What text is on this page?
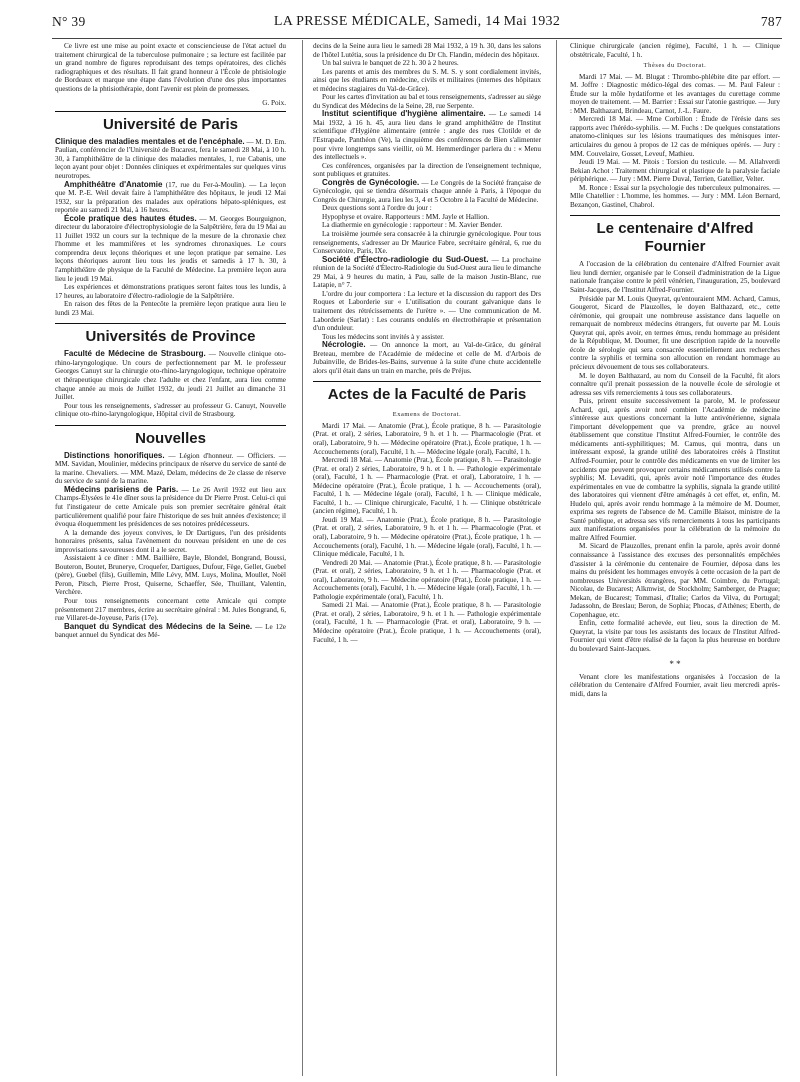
N° 39	LA PRESSE MÉDICALE, Samedi, 14 Mai 1932	787

Ce livre est une mise au point exacte et consciencieuse de l'état actuel du traitement chirurgical de la tuberculose pulmonaire ; sa lecture est facilitée par un grand nombre de figures reproduisant des temps opératoires, des clichés radiographiques et des résultats. Il fait grand honneur à l'École de phtisiologie de Bordeaux et marque une étape dans l'évolution d'une des plus importantes questions de la phtisiothérapie, dont l'avenir est plein de promesses.

G. Poix.

Université de Paris

Clinique des maladies mentales et de l'encéphale. — M. D. Em. Paulian, conférencier de l'Université de Bucarest, fera le samedi 28 Mai, à 10 h. 30, à l'amphithéâtre de la clinique des maladies mentales, 1, rue Cabanis, une leçon ayant pour objet : Données cliniques et expérimentales sur quelques virus neurotropes.

Amphithéâtre d'Anatomie (17, rue du Fer-à-Moulin). — La leçon que M. P.-E. Weil devait faire à l'amphithéâtre des hôpitaux, le jeudi 12 Mai 1932, sur la préparation des malades aux opérations hépato-spléniques, est reportée au samedi 21 Mai, à 16 heures.

École pratique des hautes études. — M. Georges Bourguignon, directeur du laboratoire d'électrophysiologie de la Salpêtrière, fera du 19 Mai au 11 Juillet 1932 un cours sur la technique de la mesure de la chronaxie chez l'homme et les mammifères et les syndromes chronaxiques. Le cours comprendra deux leçons théoriques et une leçon pratique par semaine. Les leçons théoriques auront lieu tous les jeudis et samedis à 17 h. 30, à l'amphithéâtre de physique de la Faculté de Médecine. La première leçon aura lieu le jeudi 19 Mai.

Les expériences et démonstrations pratiques seront faites tous les lundis, à 17 heures, au laboratoire d'électro-radiologie de la Salpêtrière.

En raison des fêtes de la Pentecôte la première leçon pratique aura lieu le lundi 23 Mai.

Universités de Province

Faculté de Médecine de Strasbourg. — Nouvelle clinique oto-rhino-laryngologique. Un cours de perfectionnement par M. le professeur Georges Canuyt sur la chirurgie oto-rhino-laryngologique, technique opératoire et thérapeutique chirurgicale chez l'adulte et chez l'enfant, aura lieu comme chaque année au mois de Juillet 1932, du jeudi 21 Juillet au dimanche 31 Juillet.

Pour tous les renseignements, s'adresser au professeur G. Canuyt, Nouvelle clinique oto-rhino-laryngologique, Hôpital civil de Strasbourg.

Nouvelles

Distinctions honorifiques. — Légion d'honneur. — Officiers. — MM. Savidan, Moulinier, médecins principaux de réserve du service de santé de la marine. Chevaliers. — MM. Mazé, Delam, médecins de 2e classe de réserve du service de santé de la marine.

Médecins parisiens de Paris. — Le 26 Avril 1932 eut lieu aux Champs-Élysées le 41e dîner sous la présidence du Dr Pierre Prost. Celui-ci qui fut l'instigateur de cette Amicale puis son premier secrétaire général était particulièrement qualifié pour faire l'historique de ses huit années d'existence; il évoqua éloquemment les présidences de ses notoires prédécesseurs.

A la demande des joyeux convives, le Dr Dartigues, l'un des présidents honoraires présents, salua l'avènement du nouveau président en une de ces improvisations savoureuses dont il a le secret.

Assistaient à ce dîner : MM. Baillière, Bayle, Blondel, Bongrand, Boussi, Bouteron, Boutet, Brunerye, Croquefer, Dartigues, Dufour, Fège, Gellet, Guebel (père), Guebel (fils), Guillemin, Mlle Lévy, MM. Luys, Molina, Moullet, Noël Peron, Pitsch, Pierre Prost, Quiserne, Schaeffer, Sée, Thuillant, Valentin, Verchère.

Pour tous renseignements concernant cette Amicale qui compte présentement 217 membres, écrire au secrétaire général : M. Jules Bongrand, 6, rue Villaret-de-Joyeuse, Paris (17e).

Banquet du Syndicat des Médecins de la Seine. — Le 12e banquet annuel du Syndicat des Mé-

decins de la Seine aura lieu le samedi 28 Mai 1932, à 19 h. 30, dans les salons de l'hôtel Lutétia, sous la présidence du Dr Ch. Flandin, médecin des hôpitaux.

Un bal suivra le banquet de 22 h. 30 à 2 heures.

Les parents et amis des membres du S. M. S. y sont cordialement invités, ainsi que les étudiants en médecine, civils et militaires (internes des hôpitaux et médecins stagiaires du Val-de-Grâce).

Pour les cartes d'invitation au bal et tous renseignements, s'adresser au siège du Syndicat des Médecins de la Seine, 28, rue Serpente.

Institut scientifique d'hygiène alimentaire. — Le samedi 14 Mai 1932, à 16 h. 45, aura lieu dans le grand amphithéâtre de l'Institut scientifique d'Hygiène alimentaire (entrée : angle des rues Clotilde et de l'Estrapade, Panthéon (Ve), la cinquième des conférences de Bien s'alimenter pour vivre longtemps sans vieillir, où M. Hemmerdinger parlera du : « Menu des intellectuels ».

Ces conférences, organisées par la direction de l'enseignement technique, sont publiques et gratuites.

Congrès de Gynécologie. — Le Congrès de la Société française de Gynécologie, qui se tiendra désormais chaque année à Paris, à l'époque du Congrès de Chirurgie, aura lieu les 3, 4 et 5 Octobre à la Faculté de Médecine.

Deux questions sont à l'ordre du jour :

Hypophyse et ovaire. Rapporteurs : MM. Jayle et Hallion.

La diathermie en gynécologie : rapporteur : M. Xavier Bender.

La troisième journée sera consacrée à la chirurgie gynécologique. Pour tous renseignements, s'adresser au Dr Maurice Fabre, secrétaire général, 6, rue du Conservatoire, Paris, IXe.

Société d'Électro-radiologie du Sud-Ouest. — La prochaine réunion de la Société d'Électro-Radiologie du Sud-Ouest aura lieu le dimanche 29 Mai, à 9 heures du matin, à Pau, salle de la maison Justin-Blanc, rue Latapie, n° 7.

L'ordre du jour comportera : La lecture et la discussion du rapport des Drs Roques et Laborderie sur « L'utilisation du courant galvanique dans le traitement des rétrécissements de l'urètre ». — Une communication de M. Laborderie (Sarlat) : Les courants ondulés en électrothérapie et présentation d'un onduleur.

Tous les médecins sont invités à y assister.

Nécrologie. — On annonce la mort, au Val-de-Grâce, du général Breteau, membre de l'Académie de médecine et celle de M. d'Arbois de Jubainville, de Brides-les-Bains, survenue à la suite d'une chute accidentelle alors qu'il était dans un train en marche, près de Préjus.

Actes de la Faculté de Paris

Examens de Doctorat.

Mardi 17 Mai. — Anatomie (Prat.), École pratique, 8 h. — Parasitologie (Prat. et oral), 2 séries, Laboratoire, 9 h. et 1 h. — Pharmacologie (Prat. et oral), Laboratoire, 9 h. — Médecine opératoire (Prat.), École pratique, 1 h. — Accouchements (oral), Faculté, 1 h. — Médecine légale (oral), Faculté, 1 h.

Mercredi 18 Mai. — Anatomie (Prat.), École pratique, 8 h. — Parasitologie (Prat. et oral) 2 séries, Laboratoire, 9 h. et 1 h. — Pathologie expérimentale (oral), Faculté, 1 h. — Pharmacologie (Prat. et oral), Laboratoire, 1 h. — Médecine opératoire (Prat.), École pratique, 1 h. — Accouchements (oral), Faculté, 1 h. — Médecine légale (oral), Faculté, 1 h. — Clinique médicale, Faculté, 1 h.. — Clinique chirurgicale, Faculté, 1 h. — Clinique obstétricale (ancien régime), Faculté, 1 h.

Jeudi 19 Mai. — Anatomie (Prat.), École pratique, 8 h. — Parasitologie (Prat. et oral), 2 séries, Laboratoire, 9 h. et 1 h. — Pharmacologie (Prat. et oral), Laboratoire, 9 h. — Médecine opératoire (Prat.), École pratique, 1 h. — Accouchements (oral), Faculté, 1 h. — Médecine légale (oral), Faculté, 1 h. — Clinique médicale, Faculté, 1 h.

Vendredi 20 Mai. — Anatomie (Prat.), École pratique, 8 h. — Parasitologie (Prat. et oral), 2 séries, Laboratoire, 9 h. et 1 h. — Pharmacologie (Prat. et oral), Laboratoire, 9 h. — Médecine opératoire (Prat.), École pratique, 1 h. — Accouchements (oral), Faculté, 1 h. — Médecine légale (oral), Faculté, 1 h. — Pathologie expérimentale (oral), Faculté, 1 h.

Samedi 21 Mai. — Anatomie (Prat.), École pratique, 8 h. — Parasitologie (Prat. et oral), 2 séries, Laboratoire, 9 h. et 1 h. — Pathologie expérimentale (oral), Faculté, 1 h. — Pharmacologie (Prat. et oral), Laboratoire, 9 h. — Médecine opératoire (Prat.), École pratique, 1 h. — Accouchements (oral), Faculté, 1 h. —

Clinique chirurgicale (ancien régime), Faculté, 1 h. — Clinique obstétricale, Faculté, 1 h.

Thèses du Doctorat.

Mardi 17 Mai. — M. Blugat : Thrombo-phlébite dite par effort. — M. Joffre : Diagnostic médico-légal des comas. — M. Paul Faleur : Étude sur la môle hydatiforme et les avantages du curettage comme moyen de traitement. — M. Barrier : Essai sur l'atonie gastrique. — Jury : MM. Balthazard, Brindeau, Carnot, J.-L. Faure.

Mercredi 18 Mai. — Mme Corbillon : Étude de l'érésie dans ses rapports avec l'hérédo-syphilis. — M. Fuchs : De quelques constatations anatomo-cliniques sur les lésions traumatiques des ménisques inter-articulaires du genou à propos de 12 cas de méniques opérés. — Jury : MM. Couvelaire, Gosset, Leveuf, Mathieu.

Jeudi 19 Mai. — M. Pitois : Torsion du testicule. — M. Allahverdi Bekian Achot : Traitement chirurgical et plastique de la paralysie faciale périphérique. — Jury : MM. Pierre Duval, Terrien, Gatellier, Velter.

M. Ronce : Essai sur la psychologie des tuberculeux pulmonaires. — Mlle Chatellier : L'homme, les hommes. — Jury : MM. Léon Bernard, Bezançon, Gastinel, Chabrol.

Le centenaire d'Alfred Fournier

A l'occasion de la célébration du centenaire d'Alfred Fournier avait lieu lundi dernier, organisée par le Conseil d'administration de la Ligue nationale française contre le péril vénérien, l'inauguration, 25, boulevard Saint-Jacques, de l'Institut Alfred-Fournier.

Présidée par M. Louis Queyrat, qu'entouraient MM. Achard, Camus, Gougerot, Sicard de Plauzolles, le doyen Balthazard, etc., cette cérémonie, qui groupait une nombreuse assistance dans laquelle on remarquait de nombreux médecins étrangers, fut ouverte par M. Louis Queyrat qui, après avoir, en termes émus, rendu hommage au président de la République, M. Doumer, fit une description rapide de la nouvelle école de sérologie qui sera consacrée essentiellement aux recherches contre la syphilis et termina son allocution en rendant hommage au précieux dévouement de tous ses collaborateurs.

M. le doyen Balthazard, au nom du Conseil de la Faculté, fit alors connaître qu'il prenait possession de la nouvelle école de sérologie et adressa ses vifs remerciements à tous ses collaborateurs.

Puis, prirent ensuite successivement la parole, M. le professeur Achard, qui, après avoir noté combien l'Académie de médecine s'intéresse aux questions concernant la lutte antivénérienne, signala l'important développement que va prendre, grâce au nouvel établissement que constitue l'Institut Alfred-Fournier, le contrôle des médicaments anti-syphilitiques; M. Camus, qui montra, dans un intéressant exposé, la grande utilité des laboratoires créés à l'Institut Alfred-Fournier, pour le contrôle des médicaments en vue de limiter les accidents que peuvent provoquer certains médicaments utilisés contre la syphilis; M. Levaditi, qui, après avoir noté l'importance des études expérimentales en vue de combattre la syphilis, signala la grande utilité des laboratoires qui viennent d'être aménagés à cet effet, et, enfin, M. Hudelo qui, après avoir rendu hommage à la mémoire de M. Doumer, exprima ses regrets de l'absence de M. Camille Blaisot, ministre de la Santé publique, et adressa ses vifs remerciements à tous les participants aux manifestations organisées pour la célébration de la mémoire du maître Alfred Fournier.

M. Sicard de Plauzolles, prenant enfin la parole, après avoir donné connaissance à l'assistance des excuses des personnalités empêchées d'assister à la cérémonie du centenaire de Fournier, déposa dans les mains du président les hommages envoyés à cette occasion de la part de nombreuses Universités étrangères, par MM. Coimbre, du Portugal; Nicolau, de Bucarest; Alkmwist, de Stockholm; Samberger, de Prague; Mekan, de Bucarest; Tommasi, d'Italie; Carlos da Vilva, du Portugal; Jadassohn, de Breslau; Beron, de Sophia; Phocas, d'Athènes; Eberth, de Copenhague, etc.

Enfin, cette formalité achevée, eut lieu, sous la direction de M. Queyrat, la visite par tous les assistants des locaux de l'Institut Alfred-Fournier qui vient d'être réalisé de la façon la plus heureuse en bordure du boulevard Saint-Jacques.

* *

Venant clore les manifestations organisées à l'occasion de la célébration du Centenaire d'Alfred Fournier, avait lieu mercredi après-midi, dans la
